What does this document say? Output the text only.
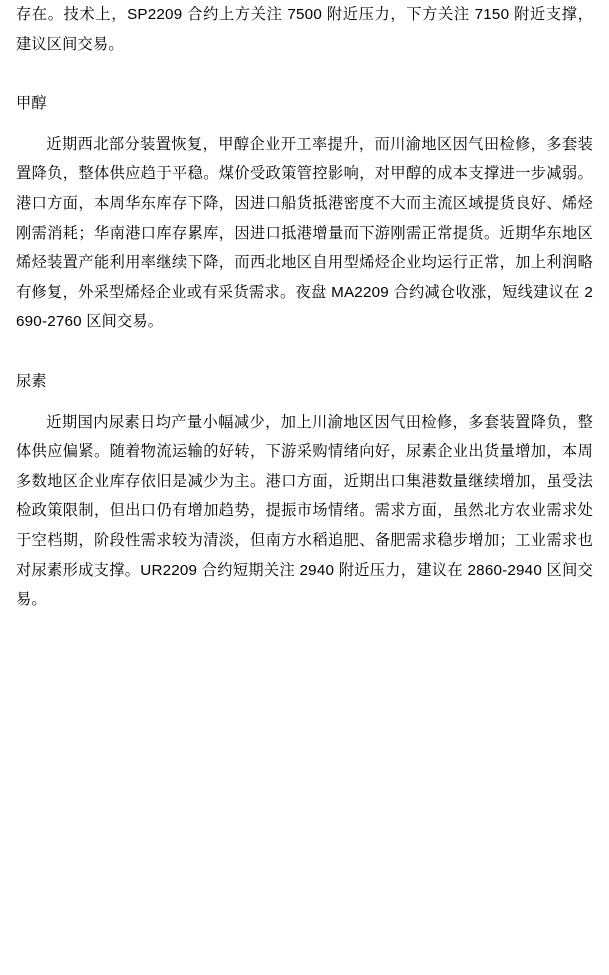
存在。技术上，SP2209 合约上方关注 7500 附近压力，下方关注 7150 附近支撑，建议区间交易。

甲醇

近期西北部分装置恢复，甲醇企业开工率提升，而川渝地区因气田检修，多套装置降负，整体供应趋于平稳。煤价受政策管控影响，对甲醇的成本支撑进一步减弱。港口方面，本周华东库存下降，因进口船货抵港密度不大而主流区域提货良好、烯烃刚需消耗；华南港口库存累库，因进口抵港增量而下游刚需正常提货。近期华东地区烯烃装置产能利用率继续下降，而西北地区自用型烯烃企业均运行正常，加上利润略有修复，外采型烯烃企业或有采货需求。夜盘 MA2209 合约减仓收涨，短线建议在 2690-2760 区间交易。

尿素

近期国内尿素日均产量小幅减少，加上川渝地区因气田检修，多套装置降负，整体供应偏紧。随着物流运输的好转，下游采购情绪向好，尿素企业出货量增加，本周多数地区企业库存依旧是减少为主。港口方面，近期出口集港数量继续增加，虽受法检政策限制，但出口仍有增加趋势，提振市场情绪。需求方面，虽然北方农业需求处于空档期，阶段性需求较为清淡，但南方水稻追肥、备肥需求稳步增加；工业需求也对尿素形成支撑。UR2209 合约短期关注 2940 附近压力，建议在 2860-2940 区间交易。
